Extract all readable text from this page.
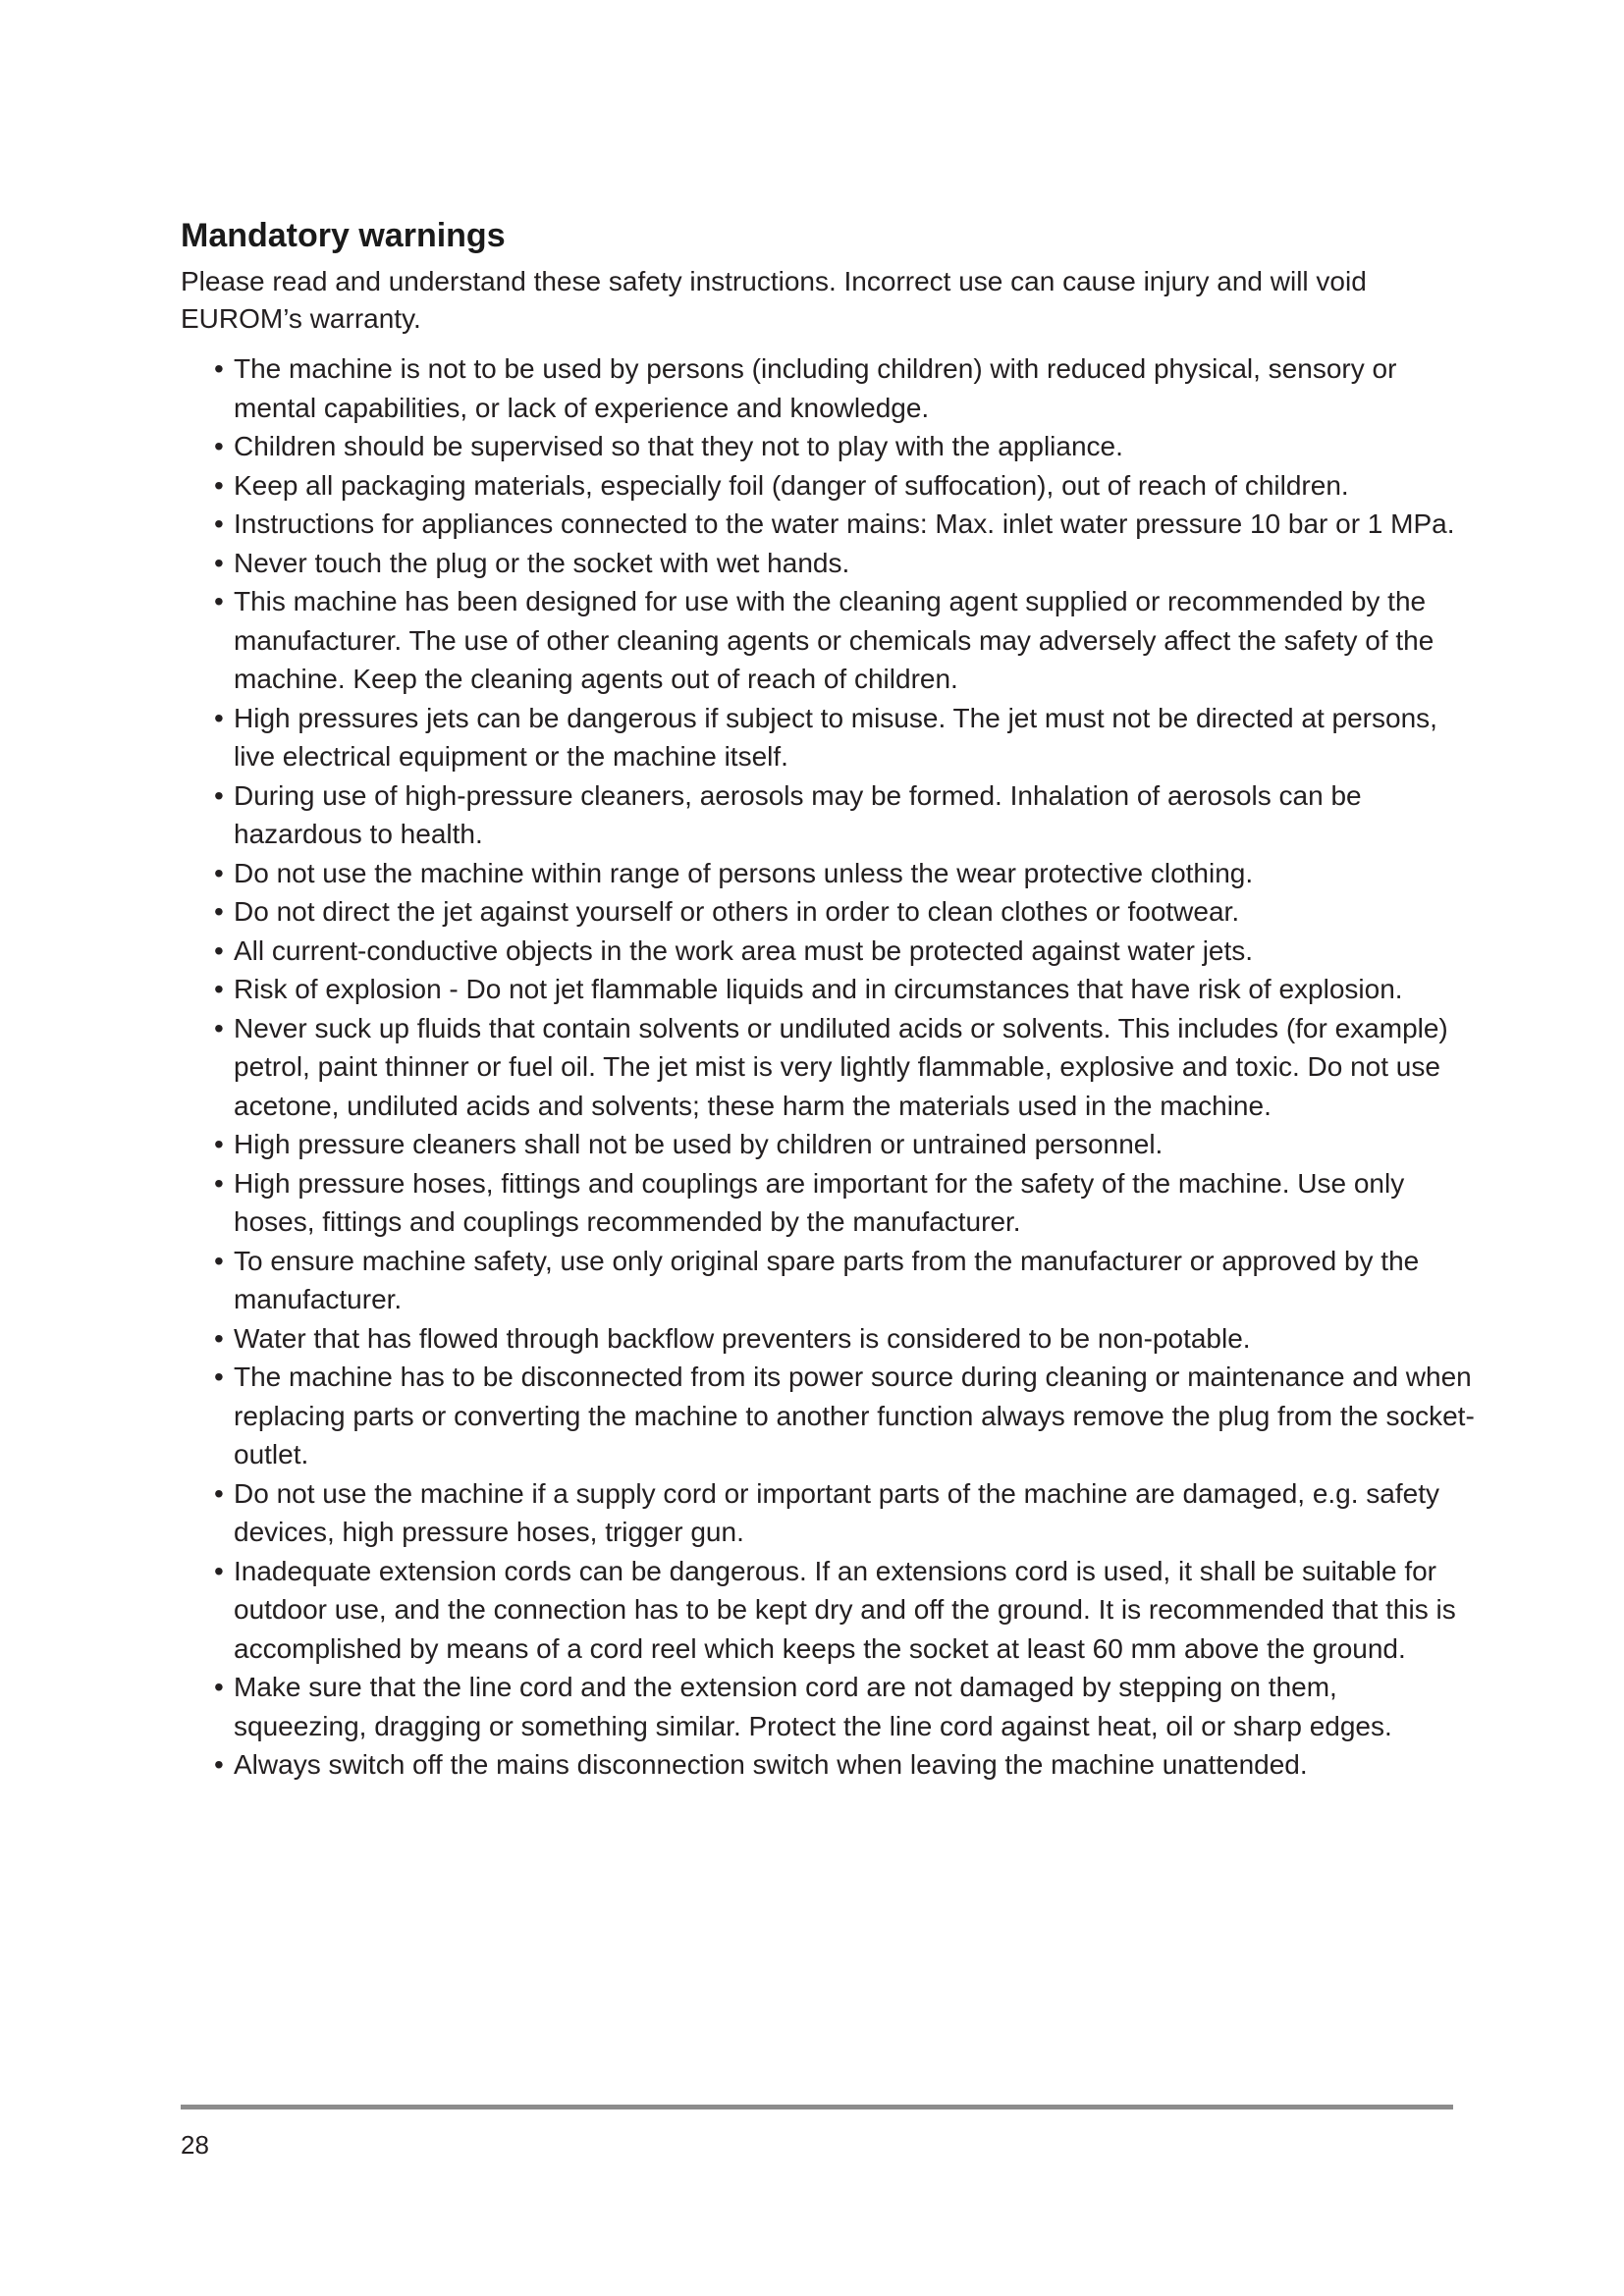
Mandatory warnings

Please read and understand these safety instructions. Incorrect use can cause injury and will void EUROM’s warranty.

• The machine is not to be used by persons (including children) with reduced physical, sensory or mental capabilities, or lack of experience and knowledge.
• Children should be supervised so that they not to play with the appliance.
• Keep all packaging materials, especially foil (danger of suffocation), out of reach of children.
• Instructions for appliances connected to the water mains: Max. inlet water pressure 10 bar or 1 MPa.
• Never touch the plug or the socket with wet hands.
• This machine has been designed for use with the cleaning agent supplied or recommended by the manufacturer. The use of other cleaning agents or chemicals may adversely affect the safety of the machine. Keep the cleaning agents out of reach of children.
• High pressures jets can be dangerous if subject to misuse. The jet must not be directed at persons, live electrical equipment or the machine itself.
• During use of high-pressure cleaners, aerosols may be formed. Inhalation of aerosols can be hazardous to health.
• Do not use the machine within range of persons unless the wear protective clothing.
• Do not direct the jet against yourself or others in order to clean clothes or footwear.
• All current-conductive objects in the work area must be protected against water jets.
• Risk of explosion - Do not jet flammable liquids and in circumstances that have risk of explosion.
• Never suck up fluids that contain solvents or undiluted acids or solvents. This includes (for example) petrol, paint thinner or fuel oil. The jet mist is very lightly flammable, explosive and toxic. Do not use acetone, undiluted acids and solvents; these harm the materials used in the machine.
• High pressure cleaners shall not be used by children or untrained personnel.
• High pressure hoses, fittings and couplings are important for the safety of the machine. Use only hoses, fittings and couplings recommended by the manufacturer.
• To ensure machine safety, use only original spare parts from the manufacturer or approved by the manufacturer.
• Water that has flowed through backflow preventers is considered to be non-potable.
• The machine has to be disconnected from its power source during cleaning or maintenance and when replacing parts or converting the machine to another function always remove the plug from the socket-outlet.
• Do not use the machine if a supply cord or important parts of the machine are damaged, e.g. safety devices, high pressure hoses, trigger gun.
• Inadequate extension cords can be dangerous. If an extensions cord is used, it shall be suitable for outdoor use, and the connection has to be kept dry and off the ground. It is recommended that this is accomplished by means of a cord reel which keeps the socket at least 60 mm above the ground.
• Make sure that the line cord and the extension cord are not damaged by stepping on them, squeezing, dragging or something similar. Protect the line cord against heat, oil or sharp edges.
• Always switch off the mains disconnection switch when leaving the machine unattended.
28
